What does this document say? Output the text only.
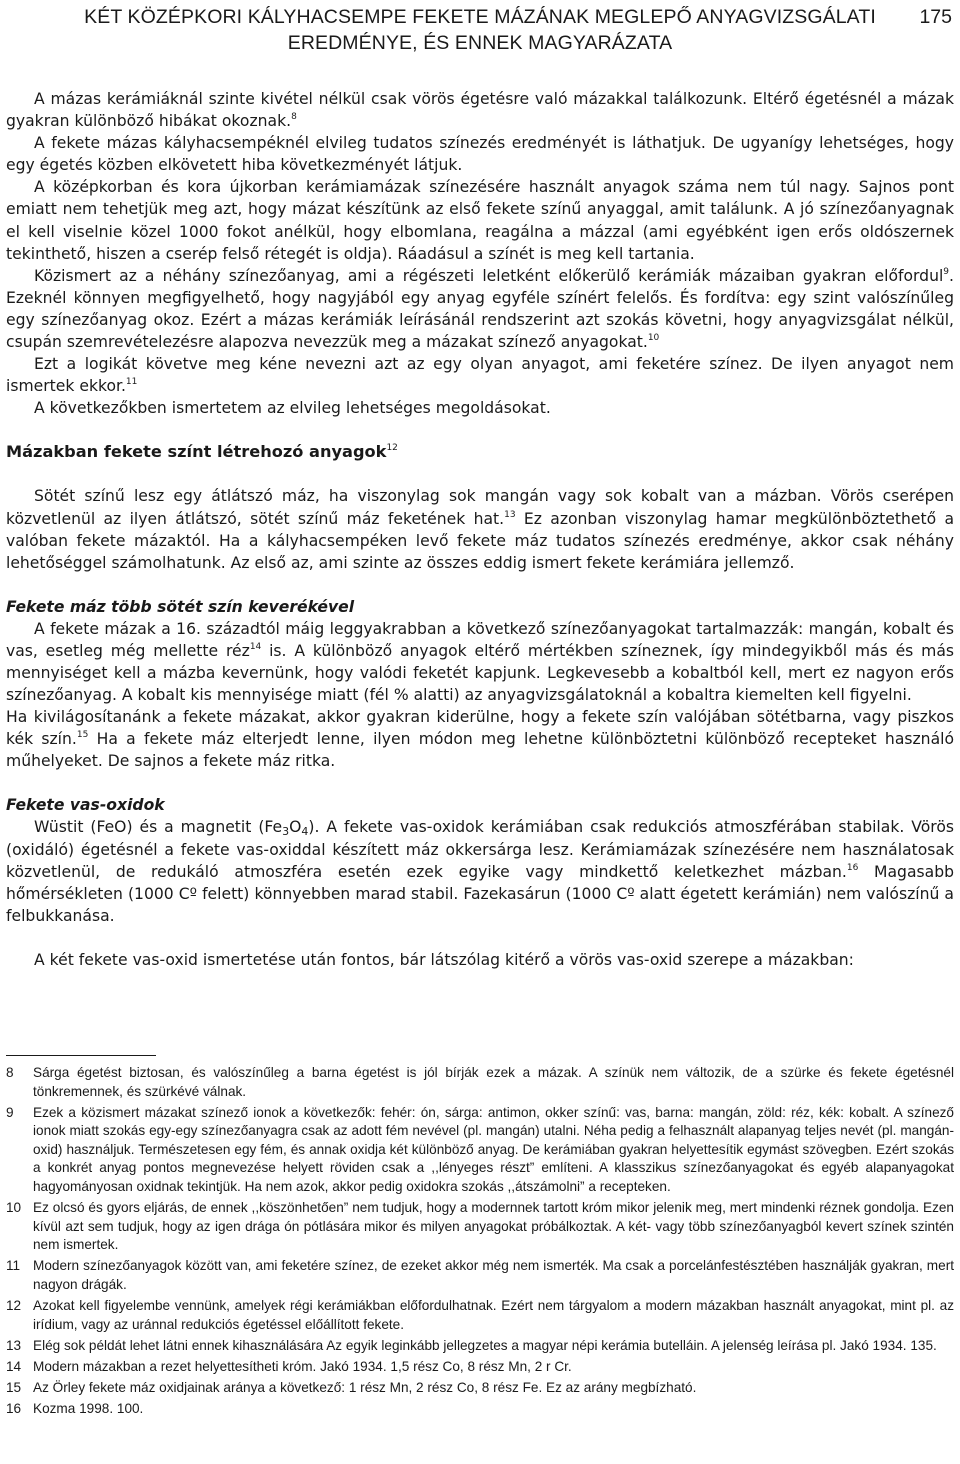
KÉT KÖZÉPKORI KÁLYHACSEMPE FEKETE MÁZÁNAK MEGLEPŐ ANYAGVIZSGÁLATI
EREDMÉNYE, ÉS ENNEK MAGYARÁZATA
175

A mázas kerámiáknál szinte kivétel nélkül csak vörös égetésre való mázakkal találkozunk. Eltérő égetésnél a mázak gyakran különböző hibákat okoznak.$^8$

A fekete mázas kályhacsempéknél elvileg tudatos színezés eredményét is láthatjuk. De ugyanígy lehetséges, hogy egy égetés közben elkövetett hiba következményét látjuk.

A középkorban és kora újkorban kerámiamázak színezésére használt anyagok száma nem túl nagy. Sajnos pont emiatt nem tehetjük meg azt, hogy mázat készítünk az első fekete színű anyaggal, amit találunk. A jó színezőanyagnak el kell viselnie közel 1000 fokot anélkül, hogy elbomlana, reagálna a mázzal (ami egyébként igen erős oldószernek tekinthető, hiszen a cserép felső rétegét is oldja). Ráadásul a színét is meg kell tartania.

Közismert az a néhány színezőanyag, ami a régészeti leletként előkerülő kerámiák mázaiban gyakran előfordul$^9$. Ezeknél könnyen megfigyelhető, hogy nagyjából egy anyag egyféle színért felelős. És fordítva: egy szint valószínűleg egy színezőanyag okoz. Ezért a mázas kerámiák leírásánál rendszerint azt szokás követni, hogy anyagvizsgálat nélkül, csupán szemrevételezésre alapozva nevezzük meg a mázakat színező anyagokat.$^{10}$

Ezt a logikát követve meg kéne nevezni azt az egy olyan anyagot, ami feketére színez. De ilyen anyagot nem ismertek ekkor.$^{11}$

A következőkben ismertetem az elvileg lehetséges megoldásokat.

Mázakban fekete színt létrehozó anyagok$^{12}$

Sötét színű lesz egy átlátszó máz, ha viszonylag sok mangán vagy sok kobalt van a mázban. Vörös cserépen közvetlenül az ilyen átlátszó, sötét színű máz feketének hat.$^{13}$ Ez azonban viszonylag hamar megkülönböztethető a valóban fekete mázaktól. Ha a kályhacsempéken levő fekete máz tudatos színezés eredménye, akkor csak néhány lehetőséggel számolhatunk. Az első az, ami szinte az összes eddig ismert fekete kerámiára jellemző.

Fekete máz több sötét szín keverékével

A fekete mázak a 16. századtól máig leggyakrabban a következő színezőanyagokat tartalmazzák: mangán, kobalt és vas, esetleg még mellette réz$^{14}$ is. A különböző anyagok eltérő mértékben színeznek, így mindegyikből más és más mennyiséget kell a mázba kevernünk, hogy valódi feketét kapjunk. Legkevesebb a kobaltból kell, mert ez nagyon erős színezőanyag. A kobalt kis mennyisége miatt (fél % alatti) az anyagvizsgálatoknál a kobaltra kiemelten kell figyelni.

Ha kivilágosítanánk a fekete mázakat, akkor gyakran kiderülne, hogy a fekete szín valójában sötétbarna, vagy piszkos kék szín.$^{15}$ Ha a fekete máz elterjedt lenne, ilyen módon meg lehetne különböztetni különböző recepteket használó műhelyeket. De sajnos a fekete máz ritka.

Fekete vas-oxidok

Wüstit (FeO) és a magnetit $(Fe_3O_4)$. A fekete vas-oxidok kerámiában csak redukciós atmoszférában stabilak. Vörös (oxidáló) égetésnél a fekete vas-oxiddal készített máz okkersárga lesz. Kerámiamázak színezésére nem használatosak közvetlenül, de redukáló atmoszféra esetén ezek egyike vagy mindkettő keletkezhet mázban.$^{16}$ Magasabb hőmérsékleten (1000 Cº felett) könnyebben marad stabil. Fazekasárun (1000 Cº alatt égetett kerámián) nem valószínű a felbukkanása.

A két fekete vas-oxid ismertetése után fontos, bár látszólag kitérő a vörös vas-oxid szerepe a mázakban:

8 Sárga égetést biztosan, és valószínűleg a barna égetést is jól bírják ezek a mázak. A színük nem változik, de a szürke és fekete égetésnél tönkremennek, és szürkévé válnak.
9 Ezek a közismert mázakat színező ionok a következők: fehér: ón, sárga: antimon, okker színű: vas, barna: mangán, zöld: réz, kék: kobalt. A színező ionok miatt szokás egy-egy színezőanyagra csak az adott fém nevével (pl. mangán) utalni. Néha pedig a felhasznált alapanyag teljes nevét (pl. mangán-oxid) használjuk. Természetesen egy fém, és annak oxidja két különböző anyag. De kerámiában gyakran helyettesítik egymást szövegben. Ezért szokás a konkrét anyag pontos megnevezése helyett röviden csak a ,,lényeges részt” említeni. A klasszikus színezőanyagokat és egyéb alapanyagokat hagyományosan oxidnak tekintjük. Ha nem azok, akkor pedig oxidokra szokás ,,átszámolni” a recepteken.
10 Ez olcsó és gyors eljárás, de ennek ,,köszönhetően” nem tudjuk, hogy a modernnek tartott króm mikor jelenik meg, mert mindenki réznek gondolja. Ezen kívül azt sem tudjuk, hogy az igen drága ón pótlására mikor és milyen anyagokat próbálkoztak. A két- vagy több színezőanyagból kevert színek szintén nem ismertek.
11 Modern színezőanyagok között van, ami feketére színez, de ezeket akkor még nem ismerték. Ma csak a porcelánfestésztében használják gyakran, mert nagyon drágák.
12 Azokat kell figyelembe vennünk, amelyek régi kerámiákban előfordulhatnak. Ezért nem tárgyalom a modern mázakban használt anyagokat, mint pl. az irídium, vagy az uránnal redukciós égetéssel előállított fekete.
13 Elég sok példát lehet látni ennek kihasználására Az egyik leginkább jellegzetes a magyar népi kerámia butelláin. A jelenség leírása pl. Jakó 1934. 135.
14 Modern mázakban a rezet helyettesítheti króm. Jakó 1934. 1,5 rész Co, 8 rész Mn, 2 r Cr.
15 Az Örley fekete máz oxidjainak aránya a következő: 1 rész Mn, 2 rész Co, 8 rész Fe. Ez az arány megbízható.
16 Kozma 1998. 100.
